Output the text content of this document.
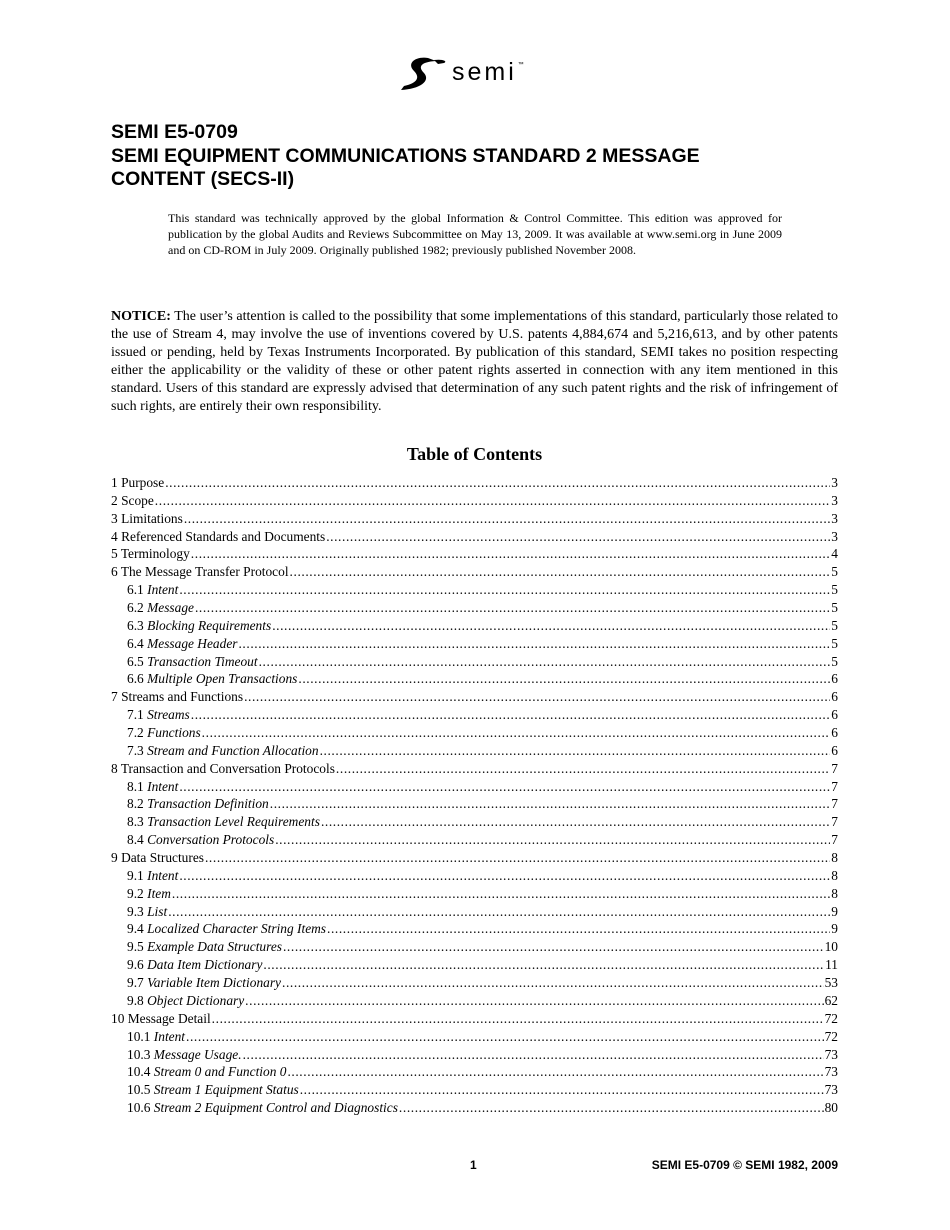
semi ™
SEMI E5-0709
SEMI EQUIPMENT COMMUNICATIONS STANDARD 2 MESSAGE
CONTENT (SECS-II)
This standard was technically approved by the global Information & Control Committee. This edition was approved for publication by the global Audits and Reviews Subcommittee on May 13, 2009. It was available at www.semi.org in June 2009 and on CD-ROM in July 2009. Originally published 1982; previously published November 2008.
NOTICE: The user’s attention is called to the possibility that some implementations of this standard, particularly those related to the use of Stream 4, may involve the use of inventions covered by U.S. patents 4,884,674 and 5,216,613, and by other patents issued or pending, held by Texas Instruments Incorporated. By publication of this standard, SEMI takes no position respecting either the applicability or the validity of these or other patent rights asserted in connection with any item mentioned in this standard. Users of this standard are expressly advised that determination of any such patent rights and the risk of infringement of such rights, are entirely their own responsibility.
Table of Contents
1 Purpose .....	3
2 Scope .....	3
3 Limitations .....	3
4 Referenced Standards and Documents .....	3
5 Terminology .....	4
6 The Message Transfer Protocol .....	5
6.1 Intent .....	5
6.2 Message .....	5
6.3 Blocking Requirements .....	5
6.4 Message Header .....	5
6.5 Transaction Timeout .....	5
6.6 Multiple Open Transactions .....	6
7 Streams and Functions .....	6
7.1 Streams .....	6
7.2 Functions .....	6
7.3 Stream and Function Allocation .....	6
8 Transaction and Conversation Protocols .....	7
8.1 Intent .....	7
8.2 Transaction Definition .....	7
8.3 Transaction Level Requirements .....	7
8.4 Conversation Protocols .....	7
9 Data Structures .....	8
9.1 Intent .....	8
9.2 Item .....	8
9.3 List .....	9
9.4 Localized Character String Items .....	9
9.5 Example Data Structures .....	10
9.6 Data Item Dictionary .....	11
9.7 Variable Item Dictionary .....	53
9.8 Object Dictionary .....	62
10 Message Detail .....	72
10.1 Intent .....	72
10.3 Message Usage. .....	73
10.4 Stream 0 and Function 0 .....	73
10.5 Stream 1 Equipment Status .....	73
10.6 Stream 2 Equipment Control and Diagnostics .....	80
1	SEMI E5-0709 © SEMI 1982, 2009
